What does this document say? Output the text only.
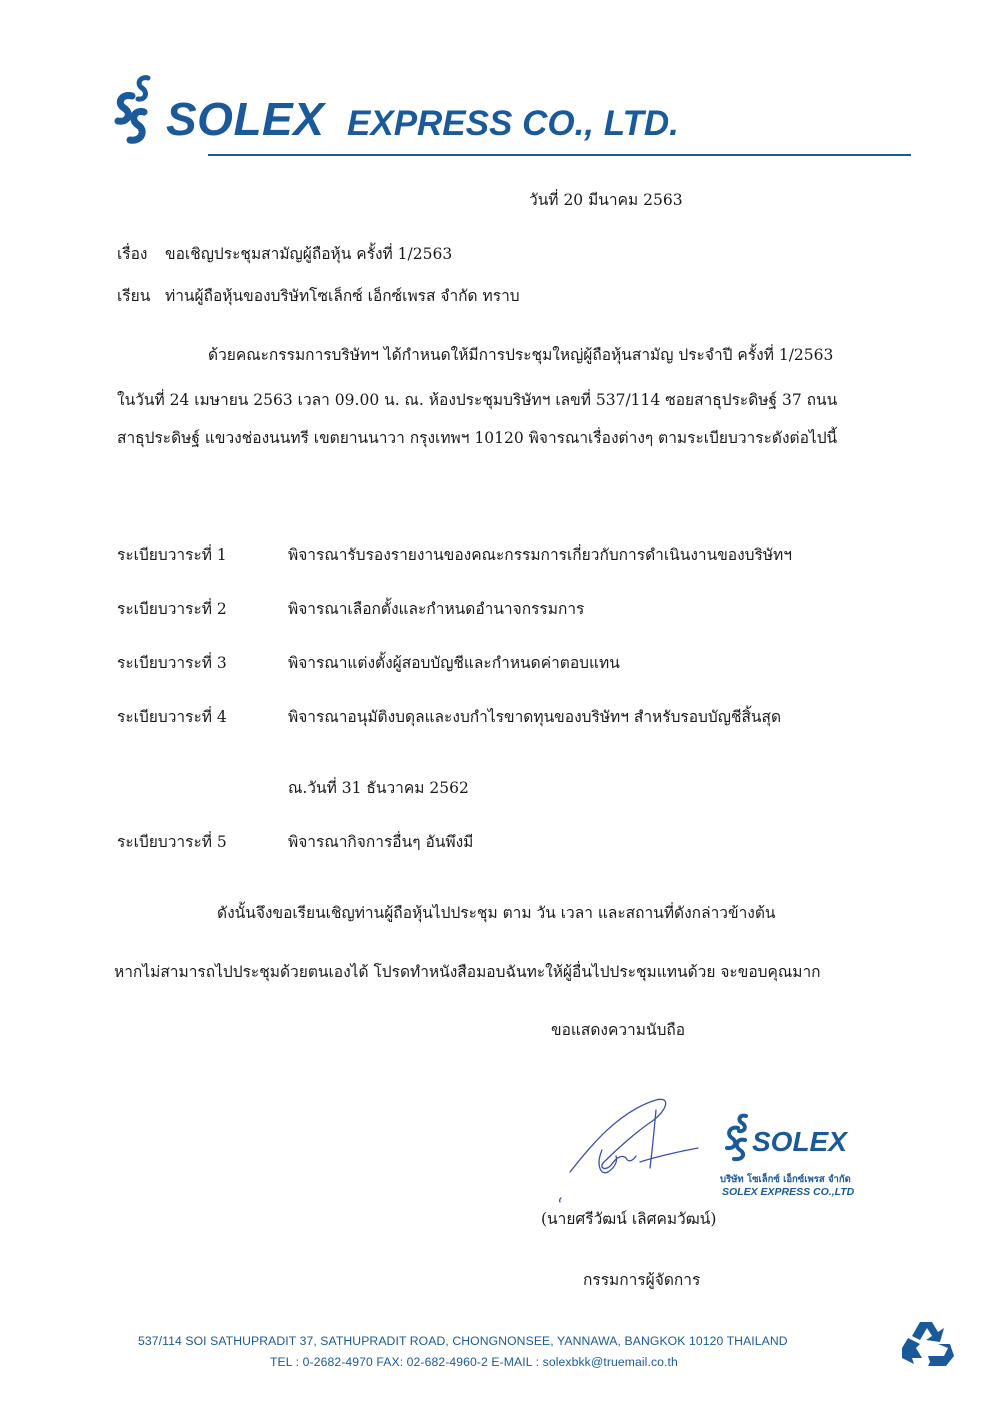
SOLEX EXPRESS CO., LTD.
วันที่ 20 มีนาคม 2563
เรื่อง ขอเชิญประชุมสามัญผู้ถือหุ้น ครั้งที่ 1/2563
เรียน ท่านผู้ถือหุ้นของบริษัทโซเล็กซ์ เอ็กซ์เพรส จำกัด ทราบ
ด้วยคณะกรรมการบริษัทฯ ได้กำหนดให้มีการประชุมใหญ่ผู้ถือหุ้นสามัญ ประจำปี ครั้งที่ 1/2563
ในวันที่ 24 เมษายน 2563 เวลา 09.00 น. ณ. ห้องประชุมบริษัทฯ เลขที่ 537/114 ซอยสาธุประดิษฐ์ 37 ถนน
สาธุประดิษฐ์ แขวงช่องนนทรี เขตยานนาวา กรุงเทพฯ 10120 พิจารณาเรื่องต่างๆ ตามระเบียบวาระดังต่อไปนี้
ระเบียบวาระที่ 1	พิจารณารับรองรายงานของคณะกรรมการเกี่ยวกับการดำเนินงานของบริษัทฯ
ระเบียบวาระที่ 2	พิจารณาเลือกตั้งและกำหนดอำนาจกรรมการ
ระเบียบวาระที่ 3	พิจารณาแต่งตั้งผู้สอบบัญชีและกำหนดค่าตอบแทน
ระเบียบวาระที่ 4	พิจารณาอนุมัติงบดุลและงบกำไรขาดทุนของบริษัทฯ สำหรับรอบบัญชีสิ้นสุด
ณ.วันที่ 31 ธันวาคม 2562
ระเบียบวาระที่ 5	พิจารณากิจการอื่นๆ อันพึงมี
ดังนั้นจึงขอเรียนเชิญท่านผู้ถือหุ้นไปประชุม ตาม วัน เวลา และสถานที่ดังกล่าวข้างต้น
หากไม่สามารถไปประชุมด้วยตนเองได้ โปรดทำหนังสือมอบฉันทะให้ผู้อื่นไปประชุมแทนด้วย จะขอบคุณมาก
ขอแสดงความนับถือ
SOLEX
บริษัท โซเล็กซ์ เอ็กซ์เพรส จำกัด
SOLEX EXPRESS CO.,LTD
(นายศรีวัฒน์ เลิศคมวัฒน์)
กรรมการผู้จัดการ
537/114 SOI SATHUPRADIT 37, SATHUPRADIT ROAD, CHONGNONSEE, YANNAWA, BANGKOK 10120 THAILAND
TEL : 0-2682-4970 FAX: 02-682-4960-2 E-MAIL : solexbkk@truemail.co.th
